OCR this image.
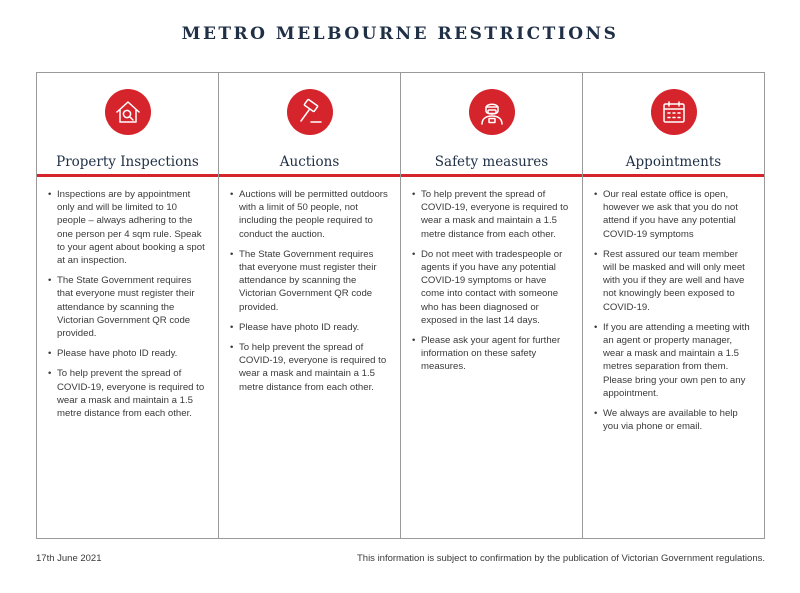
METRO MELBOURNE RESTRICTIONS
Property Inspections
• Inspections are by appointment only and will be limited to 10 people – always adhering to the one person per 4 sqm rule. Speak to your agent about booking a spot at an inspection.
• The State Government requires that everyone must register their attendance by scanning the Victorian Government QR code provided.
• Please have photo ID ready.
• To help prevent the spread of COVID-19, everyone is required to wear a mask and maintain a 1.5 metre distance from each other.
Auctions
• Auctions will be permitted outdoors with a limit of 50 people, not including the people required to conduct the auction.
• The State Government requires that everyone must register their attendance by scanning the Victorian Government QR code provided.
• Please have photo ID ready.
• To help prevent the spread of COVID-19, everyone is required to wear a mask and maintain a 1.5 metre distance from each other.
Safety measures
• To help prevent the spread of COVID-19, everyone is required to wear a mask and maintain a 1.5 metre distance from each other.
• Do not meet with tradespeople or agents if you have any potential COVID-19 symptoms or have come into contact with someone who has been diagnosed or exposed in the last 14 days.
• Please ask your agent for further information on these safety measures.
Appointments
• Our real estate office is open, however we ask that you do not attend if you have any potential COVID-19 symptoms
• Rest assured our team member will be masked and will only meet with you if they are well and have not knowingly been exposed to COVID-19.
• If you are attending a meeting with an agent or property manager, wear a mask and maintain a 1.5 metres separation from them. Please bring your own pen to any appointment.
• We always are available to help you via phone or email.
17th June 2021	This information is subject to confirmation by the publication of Victorian Government regulations.
